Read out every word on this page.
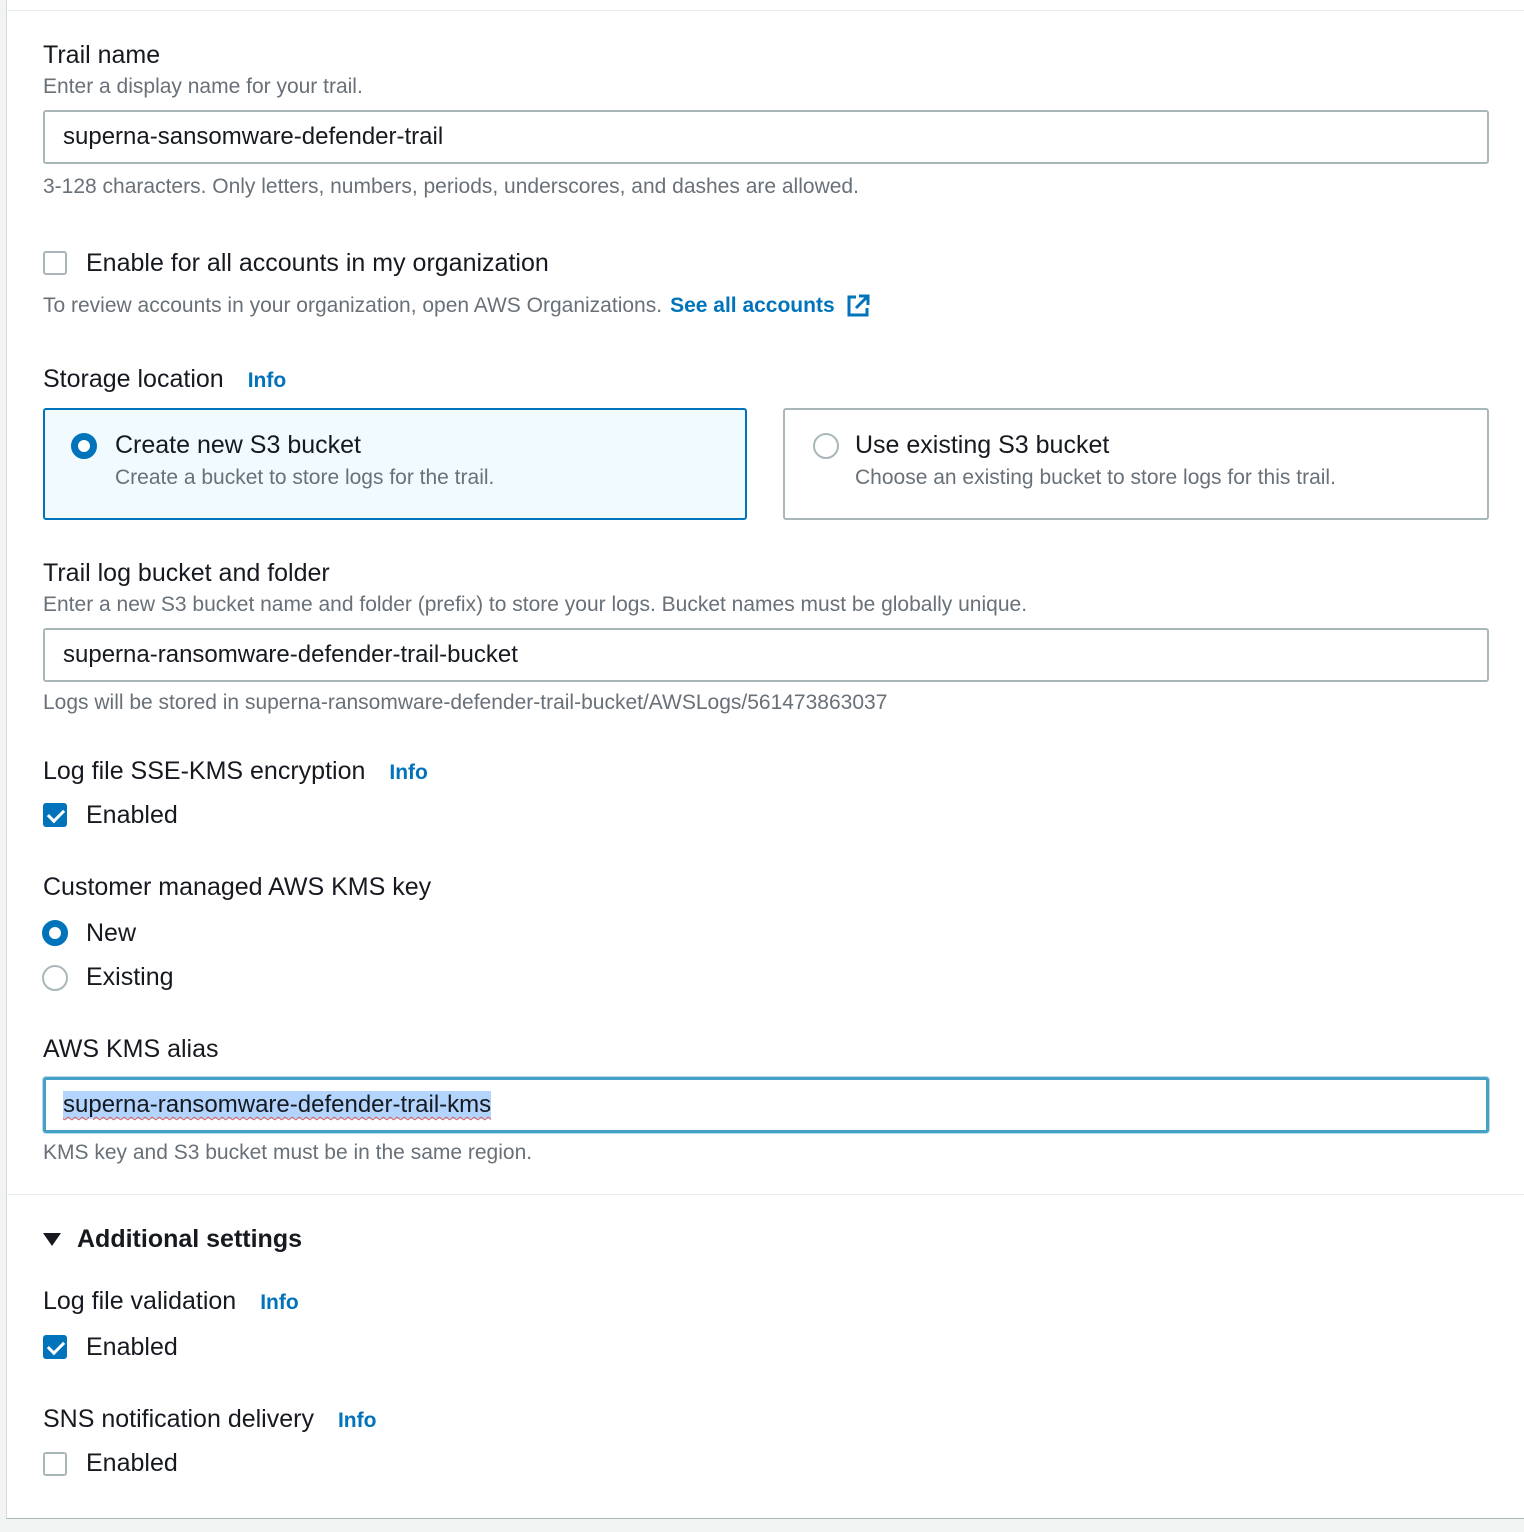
Trail name
Enter a display name for your trail.
superna-sansomware-defender-trail
3-128 characters. Only letters, numbers, periods, underscores, and dashes are allowed.
Enable for all accounts in my organization
To review accounts in your organization, open AWS Organizations. See all accounts
Storage location Info
Create new S3 bucket
Create a bucket to store logs for the trail.
Use existing S3 bucket
Choose an existing bucket to store logs for this trail.
Trail log bucket and folder
Enter a new S3 bucket name and folder (prefix) to store your logs. Bucket names must be globally unique.
superna-ransomware-defender-trail-bucket
Logs will be stored in superna-ransomware-defender-trail-bucket/AWSLogs/561473863037
Log file SSE-KMS encryption Info
Enabled
Customer managed AWS KMS key
New
Existing
AWS KMS alias
superna-ransomware-defender-trail-kms
KMS key and S3 bucket must be in the same region.
Additional settings
Log file validation Info
Enabled
SNS notification delivery Info
Enabled
